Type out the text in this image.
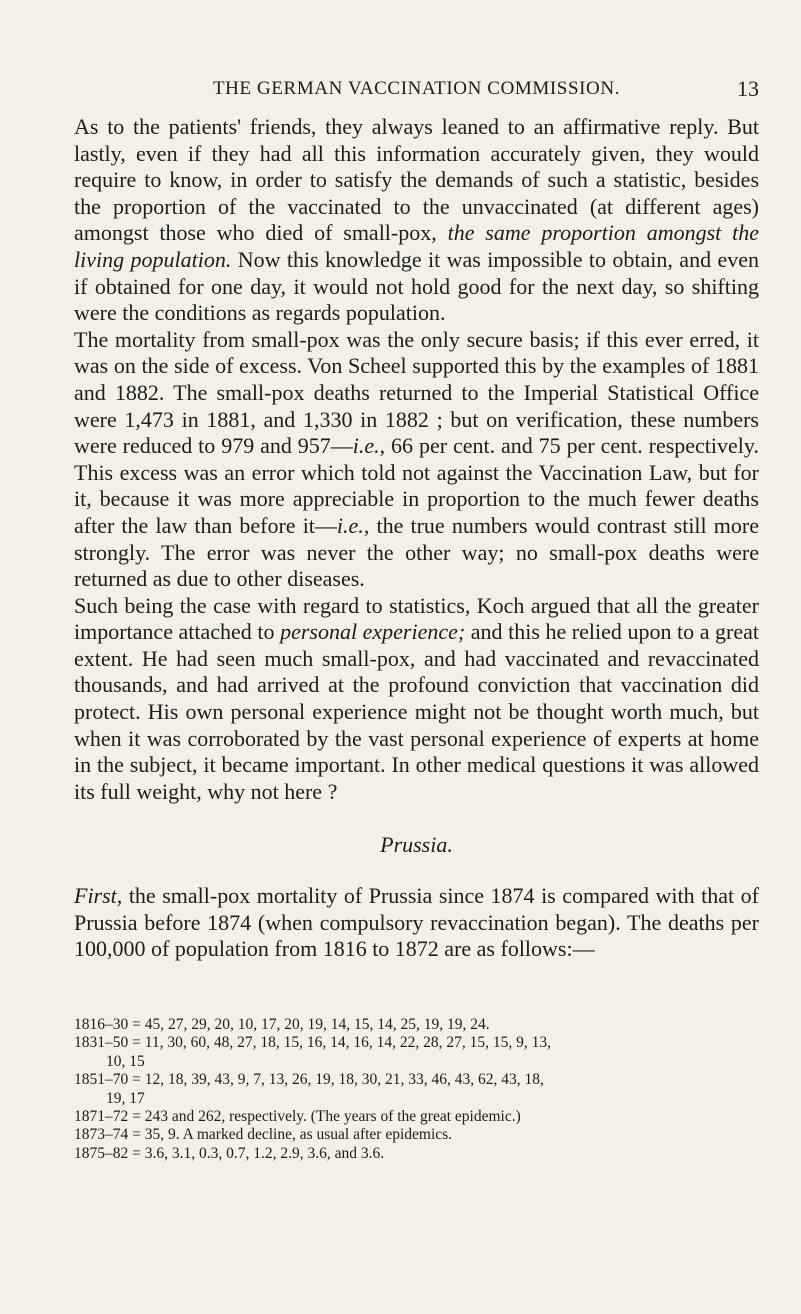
THE GERMAN VACCINATION COMMISSION.	13

As to the patients' friends, they always leaned to an affirmative reply. But lastly, even if they had all this information accurately given, they would require to know, in order to satisfy the demands of such a statistic, besides the proportion of the vaccinated to the unvaccinated (at different ages) amongst those who died of small-pox, the same proportion amongst the living population. Now this knowledge it was impossible to obtain, and even if obtained for one day, it would not hold good for the next day, so shifting were the conditions as regards population.

The mortality from small-pox was the only secure basis; if this ever erred, it was on the side of excess. Von Scheel supported this by the examples of 1881 and 1882. The small-pox deaths returned to the Imperial Statistical Office were 1,473 in 1881, and 1,330 in 1882 ; but on verification, these numbers were reduced to 979 and 957—i.e., 66 per cent. and 75 per cent. respectively. This excess was an error which told not against the Vaccination Law, but for it, because it was more appreciable in proportion to the much fewer deaths after the law than before it—i.e., the true numbers would contrast still more strongly. The error was never the other way; no small-pox deaths were returned as due to other diseases.

Such being the case with regard to statistics, Koch argued that all the greater importance attached to personal experience; and this he relied upon to a great extent. He had seen much small-pox, and had vaccinated and revaccinated thousands, and had arrived at the profound conviction that vaccination did protect. His own personal experience might not be thought worth much, but when it was corroborated by the vast personal experience of experts at home in the subject, it became important. In other medical questions it was allowed its full weight, why not here ?

Prussia.
First, the small-pox mortality of Prussia since 1874 is compared with that of Prussia before 1874 (when compulsory revaccination began). The deaths per 100,000 of population from 1816 to 1872 are as follows:—
1816–30 = 45, 27, 29, 20, 10, 17, 20, 19, 14, 15, 14, 25, 19, 19, 24.
1831–50 = 11, 30, 60, 48, 27, 18, 15, 16, 14, 16, 14, 22, 28, 27, 15, 15, 9, 13,
10, 15
1851–70 = 12, 18, 39, 43, 9, 7, 13, 26, 19, 18, 30, 21, 33, 46, 43, 62, 43, 18,
19, 17
1871–72 = 243 and 262, respectively. (The years of the great epidemic.)
1873–74 = 35, 9. A marked decline, as usual after epidemics.
1875–82 = 3.6, 3.1, 0.3, 0.7, 1.2, 2.9, 3.6, and 3.6.
